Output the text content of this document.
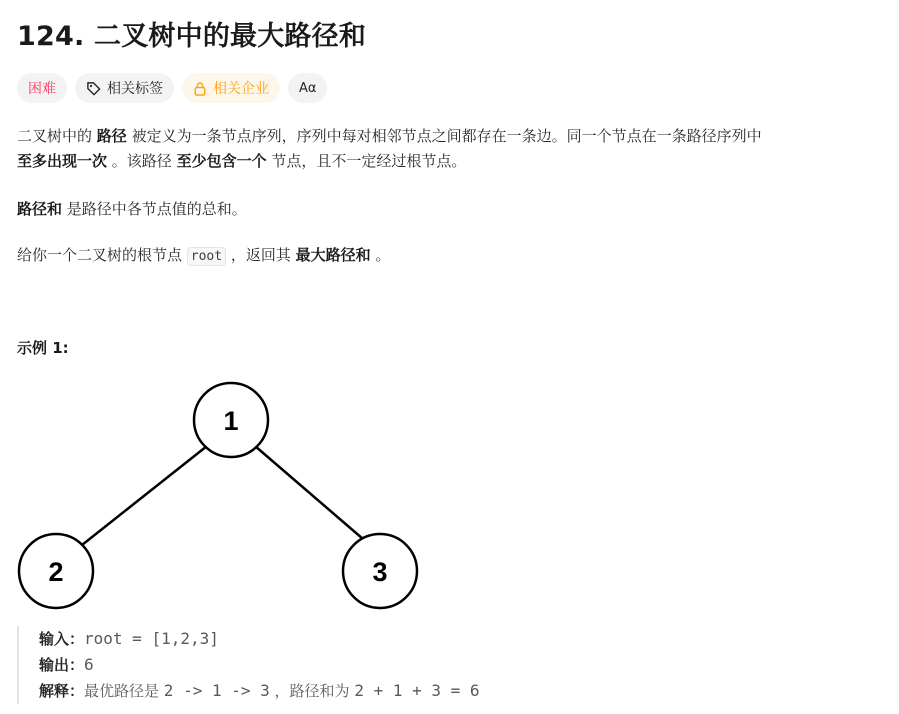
124. 二叉树中的最大路径和
困难	相关标签	相关企业 Aα

二叉树中的 路径 被定义为一条节点序列，序列中每对相邻节点之间都存在一条边。同一个节点在一条路径序列中
至多出现一次 。该路径 至少包含一个 节点，且不一定经过根节点。

路径和 是路径中各节点值的总和。

给你一个二叉树的根节点 root ，返回其 最大路径和 。

示例 1:
1
2	3
输入：root = [1,2,3]
输出：6
解释：最优路径是 2 -> 1 -> 3 ，路径和为 2 + 1 + 3 = 6
